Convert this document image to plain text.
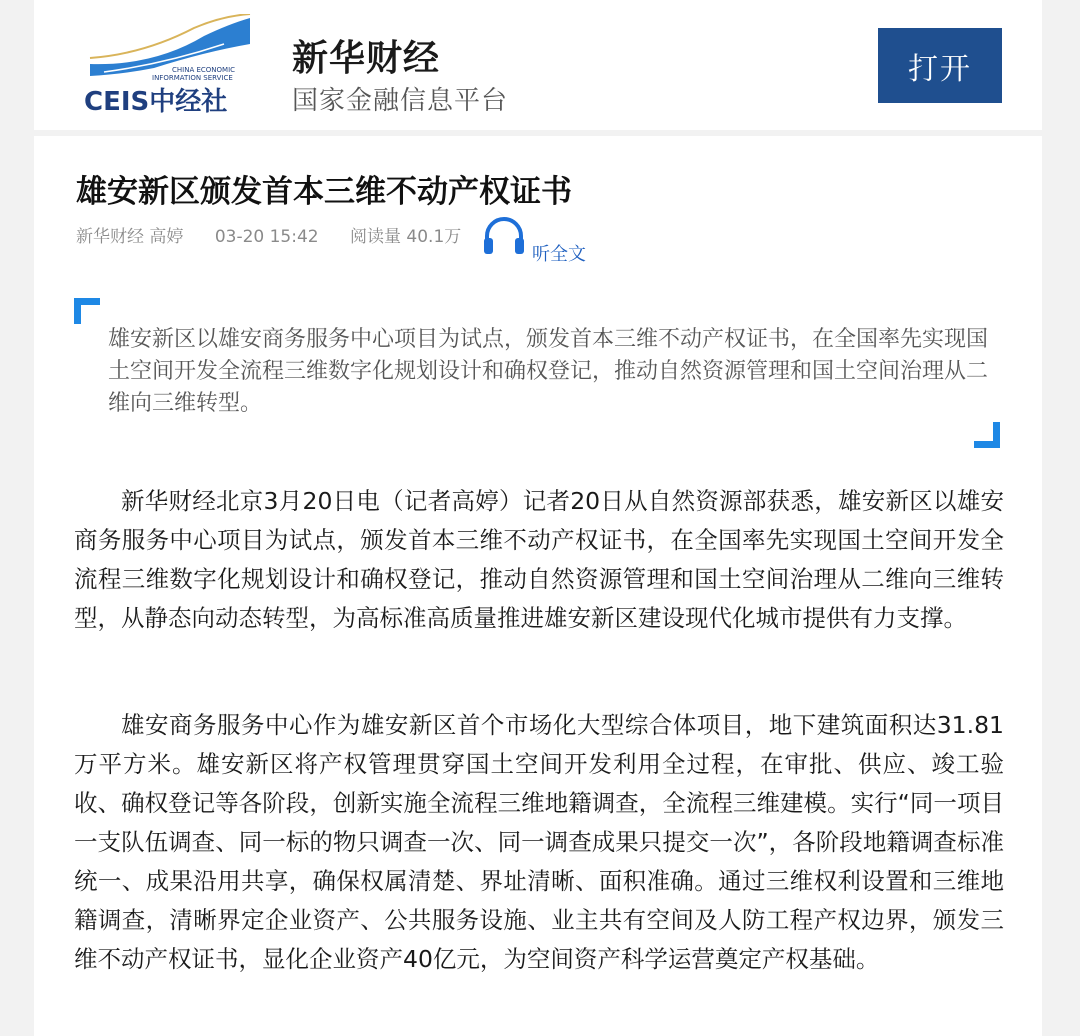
CHINA ECONOMIC
INFORMATION SERVICE
CEIS中经社
新华财经
国家金融信息平台
打开
雄安新区颁发首本三维不动产权证书
新华财经 高婷 03-20 15:42 阅读量 40.1万
听全文

雄安新区以雄安商务服务中心项目为试点，颁发首本三维不动产权证书，在全国率先实现国土空间开发全流程三维数字化规划设计和确权登记，推动自然资源管理和国土空间治理从二维向三维转型。

新华财经北京3月20日电（记者高婷）记者20日从自然资源部获悉，雄安新区以雄安商务服务中心项目为试点，颁发首本三维不动产权证书，在全国率先实现国土空间开发全流程三维数字化规划设计和确权登记，推动自然资源管理和国土空间治理从二维向三维转型，从静态向动态转型，为高标准高质量推进雄安新区建设现代化城市提供有力支撑。

雄安商务服务中心作为雄安新区首个市场化大型综合体项目，地下建筑面积达31.81万平方米。雄安新区将产权管理贯穿国土空间开发利用全过程，在审批、供应、竣工验收、确权登记等各阶段，创新实施全流程三维地籍调查，全流程三维建模。实行“同一项目一支队伍调查、同一标的物只调查一次、同一调查成果只提交一次”，各阶段地籍调查标准统一、成果沿用共享，确保权属清楚、界址清晰、面积准确。通过三维权利设置和三维地籍调查，清晰界定企业资产、公共服务设施、业主共有空间及人防工程产权边界，颁发三维不动产权证书，显化企业资产40亿元，为空间资产科学运营奠定产权基础。
